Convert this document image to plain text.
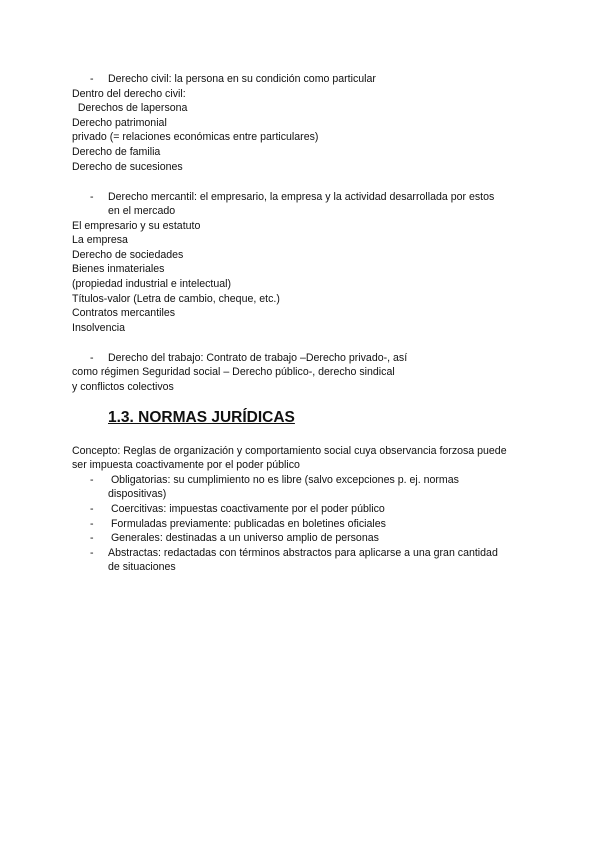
- Derecho civil: la persona en su condición como particular
Dentro del derecho civil:
Derechos de lapersona
Derecho patrimonial
privado (= relaciones económicas entre particulares)
Derecho de familia
Derecho de sucesiones
- Derecho mercantil: el empresario, la empresa y la actividad desarrollada por estos
en el mercado
El empresario y su estatuto
La empresa
Derecho de sociedades
Bienes inmateriales
(propiedad industrial e intelectual)
Títulos-valor (Letra de cambio, cheque, etc.)
Contratos mercantiles
Insolvencia
- Derecho del trabajo: Contrato de trabajo –Derecho privado-, así
como régimen Seguridad social – Derecho público-, derecho sindical
y conflictos colectivos
1.3. NORMAS JURÍDICAS
Concepto: Reglas de organización y comportamiento social cuya observancia forzosa puede
ser impuesta coactivamente por el poder público
- Obligatorias: su cumplimiento no es libre (salvo excepciones p. ej. normas
dispositivas)
- Coercitivas: impuestas coactivamente por el poder público
- Formuladas previamente: publicadas en boletines oficiales
- Generales: destinadas a un universo amplio de personas
- Abstractas: redactadas con términos abstractos para aplicarse a una gran cantidad
de situaciones
